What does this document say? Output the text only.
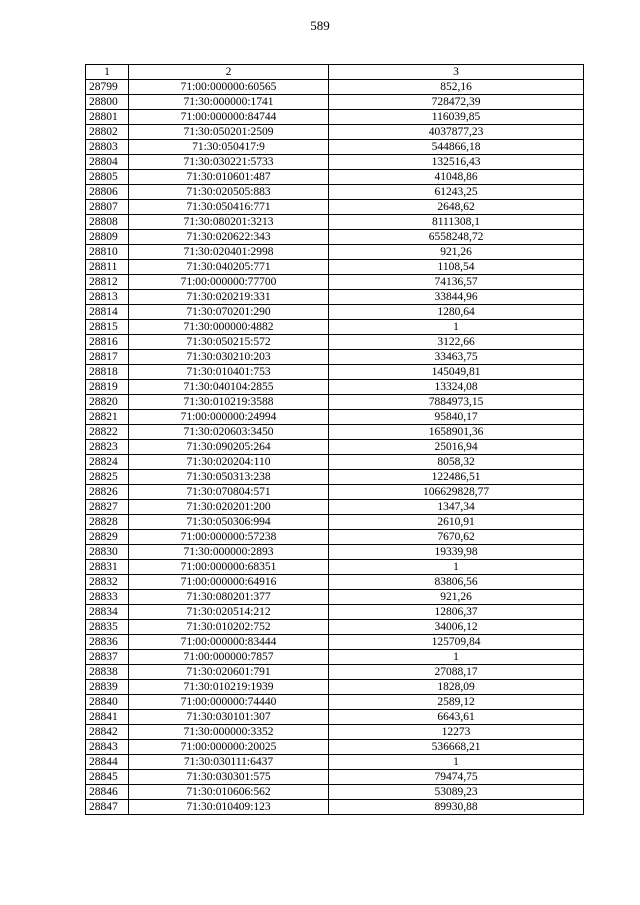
589
1	2	3
28799	71:00:000000:60565	852,16
28800	71:30:000000:1741	728472,39
28801	71:00:000000:84744	116039,85
28802	71:30:050201:2509	4037877,23
28803	71:30:050417:9	544866,18
28804	71:30:030221:5733	132516,43
28805	71:30:010601:487	41048,86
28806	71:30:020505:883	61243,25
28807	71:30:050416:771	2648,62
28808	71:30:080201:3213	8111308,1
28809	71:30:020622:343	6558248,72
28810	71:30:020401:2998	921,26
28811	71:30:040205:771	1108,54
28812	71:00:000000:77700	74136,57
28813	71:30:020219:331	33844,96
28814	71:30:070201:290	1280,64
28815	71:30:000000:4882	1
28816	71:30:050215:572	3122,66
28817	71:30:030210:203	33463,75
28818	71:30:010401:753	145049,81
28819	71:30:040104:2855	13324,08
28820	71:30:010219:3588	7884973,15
28821	71:00:000000:24994	95840,17
28822	71:30:020603:3450	1658901,36
28823	71:30:090205:264	25016,94
28824	71:30:020204:110	8058,32
28825	71:30:050313:238	122486,51
28826	71:30:070804:571	106629828,77
28827	71:30:020201:200	1347,34
28828	71:30:050306:994	2610,91
28829	71:00:000000:57238	7670,62
28830	71:30:000000:2893	19339,98
28831	71:00:000000:68351	1
28832	71:00:000000:64916	83806,56
28833	71:30:080201:377	921,26
28834	71:30:020514:212	12806,37
28835	71:30:010202:752	34006,12
28836	71:00:000000:83444	125709,84
28837	71:00:000000:7857	1
28838	71:30:020601:791	27088,17
28839	71:30:010219:1939	1828,09
28840	71:00:000000:74440	2589,12
28841	71:30:030101:307	6643,61
28842	71:30:000000:3352	12273
28843	71:00:000000:20025	536668,21
28844	71:30:030111:6437	1
28845	71:30:030301:575	79474,75
28846	71:30:010606:562	53089,23
28847	71:30:010409:123	89930,88
